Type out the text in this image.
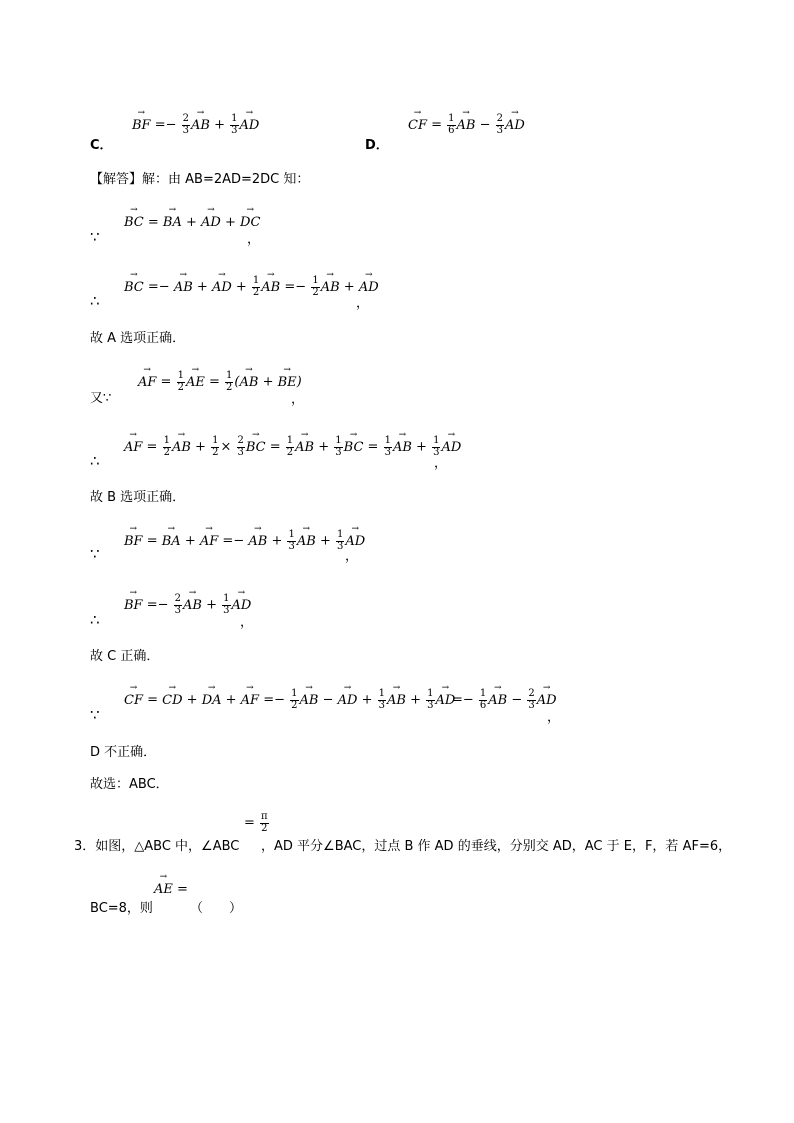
C．
→ BF =− $\frac{2}{3}$ → AB + $\frac{1}{3}$ → AD
D．
→ CF = $\frac{1}{6}$ → AB − $\frac{2}{3}$ → AD
【解答】解：由 AB=2AD=2DC 知：
∵
→ BC = → BA + → AD + → DC
，
∴
→ BC =− → AB + → AD + $\frac{1}{2}$ → AB =− $\frac{1}{2}$ → AB + → AD
，
故 A 选项正确．
又∵
→ AF = $\frac{1}{2}$ → AE = $\frac{1}{2}$ (→ AB + → BE)
，
∴
→ AF = $\frac{1}{2}$ → AB + $\frac{1}{2} \times \frac{2}{3}$ → BC = $\frac{1}{2}$ → AB + $\frac{1}{3}$ → BC = $\frac{1}{3}$ → AB + $\frac{1}{3}$ → AD
，
故 B 选项正确．
∵
→ BF = → BA + → AF =− → AB + $\frac{1}{3}$ → AB + $\frac{1}{3}$ → AD
，
∴
→ BF =− $\frac{2}{3}$ → AB + $\frac{1}{3}$ → AD
，
故 C 正确．
∵
→ CF = → CD + → DA + → AF =− $\frac{1}{2}$ → AB − → AD + $\frac{1}{3}$ → AB + $\frac{1}{3}$ → AD
=− $\frac{1}{6}$ → AB − $\frac{2}{3}$ → AD
，
D 不正确．
故选：ABC．
3．如图，△ABC 中，∠ABC
= $\frac{\pi}{2}$
，AD 平分∠BAC，过点 B 作 AD 的垂线，分别交 AD，AC 于 E，F，若 AF=6，
BC=8，则
→ AE =
（　　）
